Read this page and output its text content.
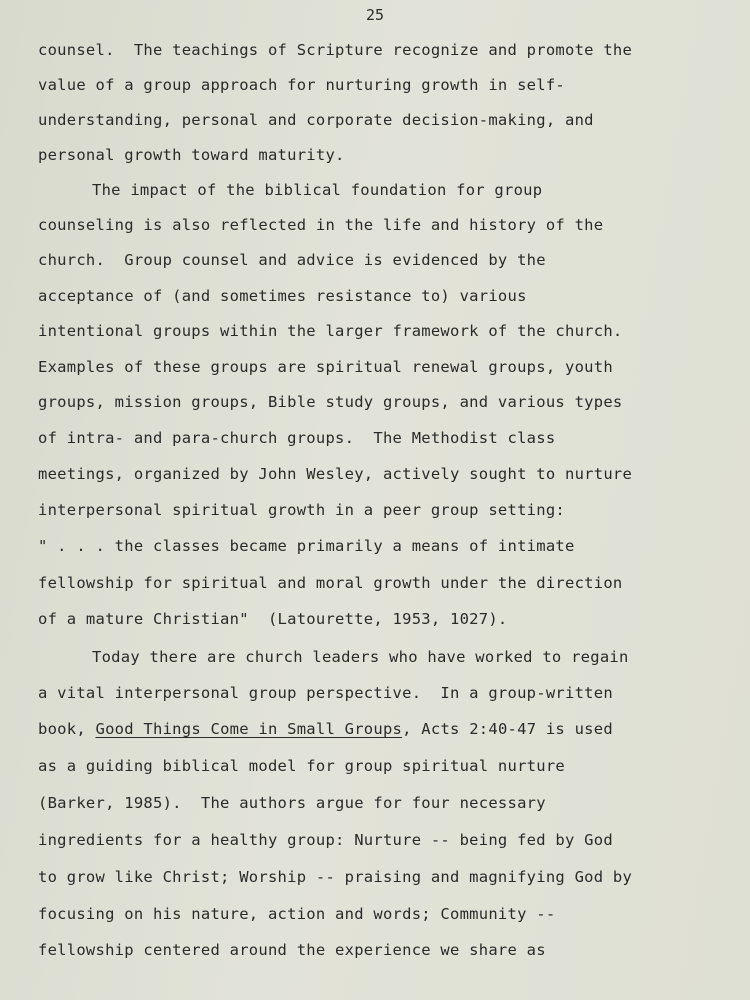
25
counsel.  The teachings of Scripture recognize and promote the
value of a group approach for nurturing growth in self-
understanding, personal and corporate decision-making, and
personal growth toward maturity.
The impact of the biblical foundation for group
counseling is also reflected in the life and history of the
church.  Group counsel and advice is evidenced by the
acceptance of (and sometimes resistance to) various
intentional groups within the larger framework of the church.
Examples of these groups are spiritual renewal groups, youth
groups, mission groups, Bible study groups, and various types
of intra- and para-church groups.  The Methodist class
meetings, organized by John Wesley, actively sought to nurture
interpersonal spiritual growth in a peer group setting:
" . . . the classes became primarily a means of intimate
fellowship for spiritual and moral growth under the direction
of a mature Christian"  (Latourette, 1953, 1027).
Today there are church leaders who have worked to regain
a vital interpersonal group perspective.  In a group-written
book, Good Things Come in Small Groups, Acts 2:40-47 is used
as a guiding biblical model for group spiritual nurture
(Barker, 1985).  The authors argue for four necessary
ingredients for a healthy group: Nurture -- being fed by God
to grow like Christ; Worship -- praising and magnifying God by
focusing on his nature, action and words; Community --
fellowship centered around the experience we share as
